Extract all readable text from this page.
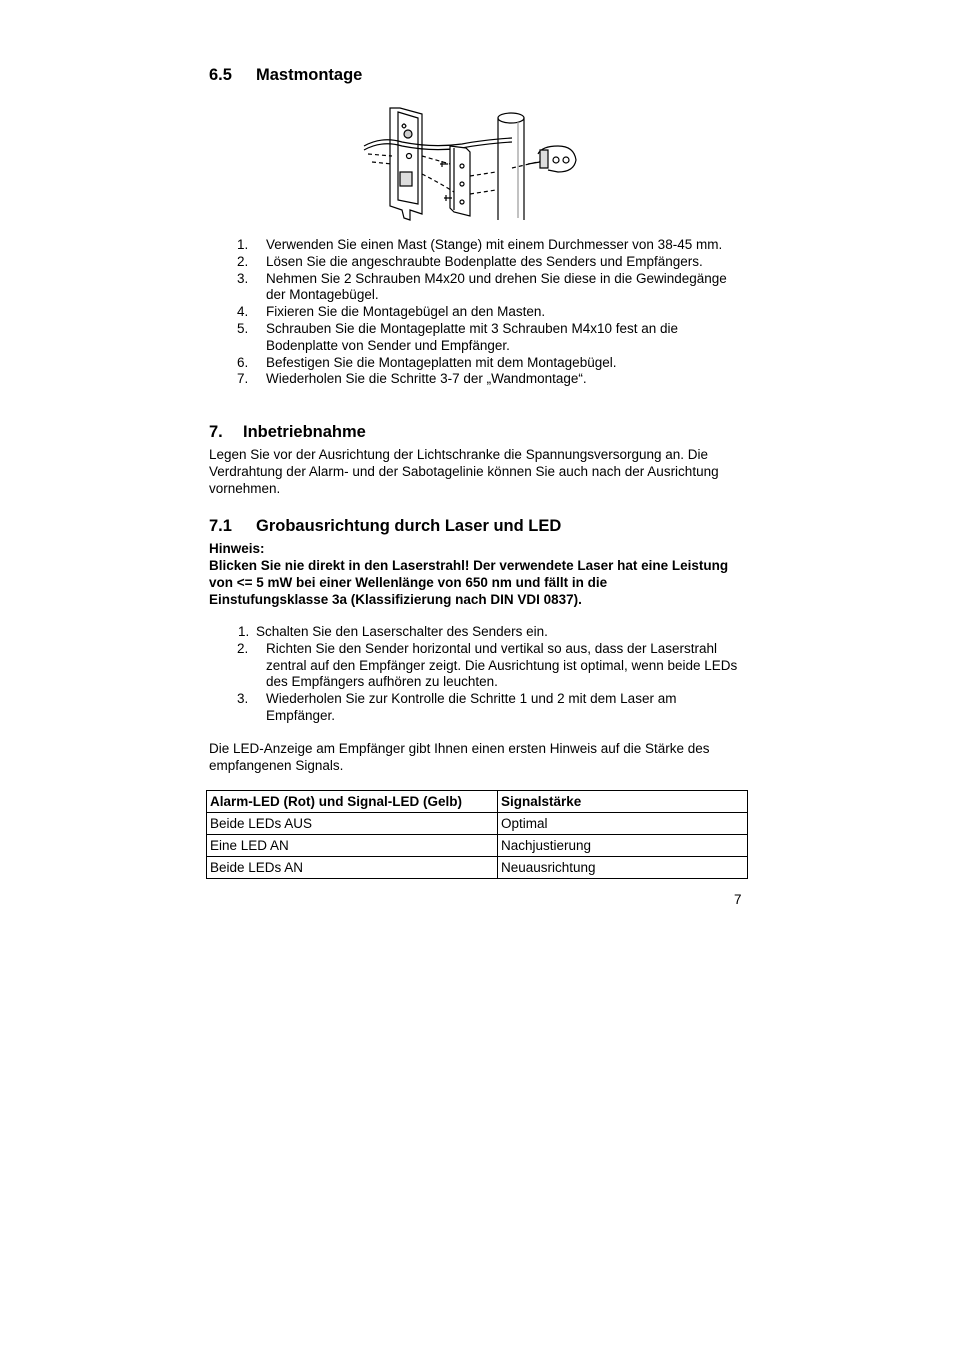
6.5 Mastmontage
1. Verwenden Sie einen Mast (Stange) mit einem Durchmesser von 38-45 mm.
2. Lösen Sie die angeschraubte Bodenplatte des Senders und Empfängers.
3. Nehmen Sie 2 Schrauben M4x20 und drehen Sie diese in die Gewindegänge der Montagebügel.
4. Fixieren Sie die Montagebügel an den Masten.
5. Schrauben Sie die Montageplatte mit 3 Schrauben M4x10 fest an die Bodenplatte von Sender und Empfänger.
6. Befestigen Sie die Montageplatten mit dem Montagebügel.
7. Wiederholen Sie die Schritte 3-7 der „Wandmontage“.
7. Inbetriebnahme

Legen Sie vor der Ausrichtung der Lichtschranke die Spannungsversorgung an. Die Verdrahtung der Alarm- und der Sabotagelinie können Sie auch nach der Ausrichtung vornehmen.

7.1 Grobausrichtung durch Laser und LED

Hinweis:

Blicken Sie nie direkt in den Laserstrahl! Der verwendete Laser hat eine Leistung von <= 5 mW bei einer Wellenlänge von 650 nm und fällt in die Einstufungsklasse 3a (Klassifizierung nach DIN VDI 0837).

1. Schalten Sie den Laserschalter des Senders ein.
2. Richten Sie den Sender horizontal und vertikal so aus, dass der Laserstrahl zentral auf den Empfänger zeigt. Die Ausrichtung ist optimal, wenn beide LEDs des Empfängers aufhören zu leuchten.
3. Wiederholen Sie zur Kontrolle die Schritte 1 und 2 mit dem Laser am Empfänger.

Die LED-Anzeige am Empfänger gibt Ihnen einen ersten Hinweis auf die Stärke des empfangenen Signals.

Alarm-LED (Rot) und Signal-LED (Gelb)	Signalstärke
Beide LEDs AUS	Optimal
Eine LED AN	Nachjustierung
Beide LEDs AN	Neuausrichtung
7
